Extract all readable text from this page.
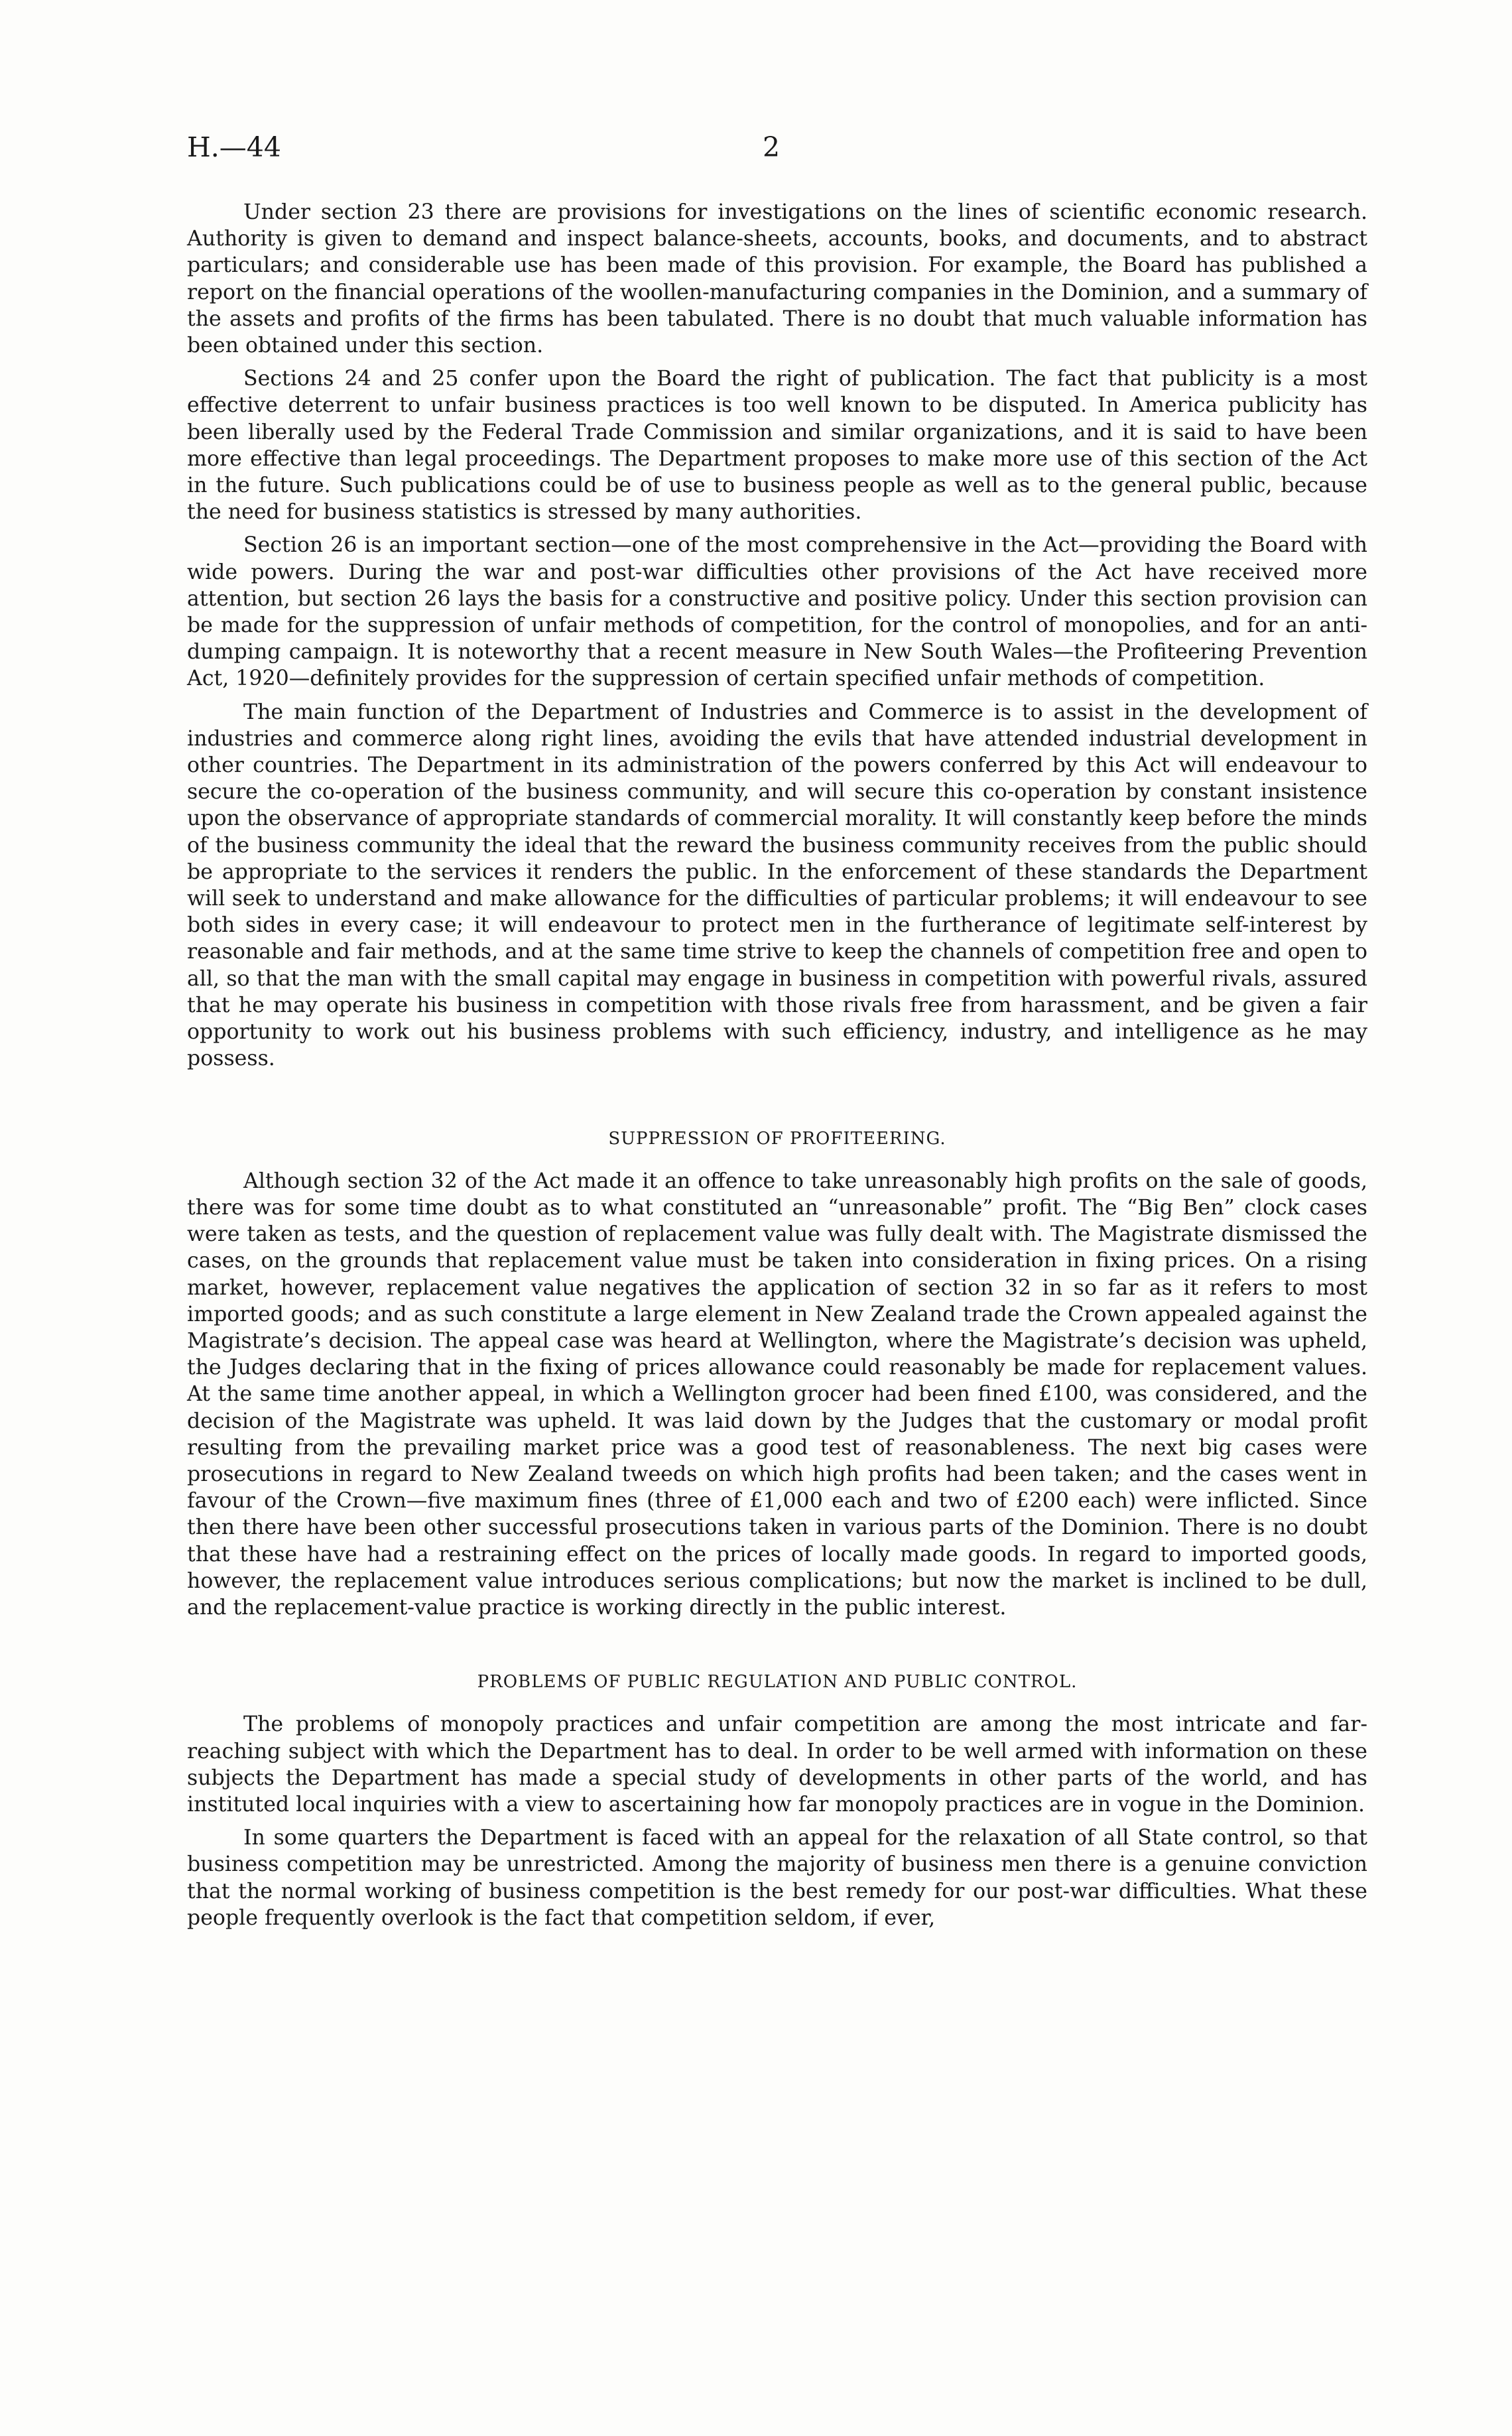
H.—44	2

Under section 23 there are provisions for investigations on the lines of scientific economic research. Authority is given to demand and inspect balance-sheets, accounts, books, and documents, and to abstract particulars; and considerable use has been made of this provision. For example, the Board has published a report on the financial operations of the woollen-manufacturing companies in the Dominion, and a summary of the assets and profits of the firms has been tabulated. There is no doubt that much valuable information has been obtained under this section.

Sections 24 and 25 confer upon the Board the right of publication. The fact that publicity is a most effective deterrent to unfair business practices is too well known to be disputed. In America publicity has been liberally used by the Federal Trade Commission and similar organizations, and it is said to have been more effective than legal proceedings. The Department proposes to make more use of this section of the Act in the future. Such publications could be of use to business people as well as to the general public, because the need for business statistics is stressed by many authorities.

Section 26 is an important section—one of the most comprehensive in the Act—providing the Board with wide powers. During the war and post-war difficulties other provisions of the Act have received more attention, but section 26 lays the basis for a constructive and positive policy. Under this section provision can be made for the suppression of unfair methods of competition, for the control of monopolies, and for an anti-dumping campaign. It is noteworthy that a recent measure in New South Wales—the Profiteering Prevention Act, 1920—definitely provides for the suppression of certain specified unfair methods of competition.

The main function of the Department of Industries and Commerce is to assist in the development of industries and commerce along right lines, avoiding the evils that have attended industrial development in other countries. The Department in its administration of the powers conferred by this Act will endeavour to secure the co-operation of the business community, and will secure this co-operation by constant insistence upon the observance of appropriate standards of commercial morality. It will constantly keep before the minds of the business community the ideal that the reward the business community receives from the public should be appropriate to the services it renders the public. In the enforcement of these standards the Department will seek to understand and make allowance for the difficulties of particular problems; it will endeavour to see both sides in every case; it will endeavour to protect men in the furtherance of legitimate self-interest by reasonable and fair methods, and at the same time strive to keep the channels of competition free and open to all, so that the man with the small capital may engage in business in competition with powerful rivals, assured that he may operate his business in competition with those rivals free from harassment, and be given a fair opportunity to work out his business problems with such efficiency, industry, and intelligence as he may possess.

SUPPRESSION OF PROFITEERING.

Although section 32 of the Act made it an offence to take unreasonably high profits on the sale of goods, there was for some time doubt as to what constituted an “unreasonable” profit. The “Big Ben” clock cases were taken as tests, and the question of replacement value was fully dealt with. The Magistrate dismissed the cases, on the grounds that replacement value must be taken into consideration in fixing prices. On a rising market, however, replacement value negatives the application of section 32 in so far as it refers to most imported goods; and as such constitute a large element in New Zealand trade the Crown appealed against the Magistrate’s decision. The appeal case was heard at Wellington, where the Magistrate’s decision was upheld, the Judges declaring that in the fixing of prices allowance could reasonably be made for replacement values. At the same time another appeal, in which a Wellington grocer had been fined £100, was considered, and the decision of the Magistrate was upheld. It was laid down by the Judges that the customary or modal profit resulting from the prevailing market price was a good test of reasonableness. The next big cases were prosecutions in regard to New Zealand tweeds on which high profits had been taken; and the cases went in favour of the Crown—five maximum fines (three of £1,000 each and two of £200 each) were inflicted. Since then there have been other successful prosecutions taken in various parts of the Dominion. There is no doubt that these have had a restraining effect on the prices of locally made goods. In regard to imported goods, however, the replacement value introduces serious complications; but now the market is inclined to be dull, and the replacement-value practice is working directly in the public interest.

PROBLEMS OF PUBLIC REGULATION AND PUBLIC CONTROL.

The problems of monopoly practices and unfair competition are among the most intricate and far-reaching subject with which the Department has to deal. In order to be well armed with information on these subjects the Department has made a special study of developments in other parts of the world, and has instituted local inquiries with a view to ascertaining how far monopoly practices are in vogue in the Dominion.

In some quarters the Department is faced with an appeal for the relaxation of all State control, so that business competition may be unrestricted. Among the majority of business men there is a genuine conviction that the normal working of business competition is the best remedy for our post-war difficulties. What these people frequently overlook is the fact that competition seldom, if ever,
